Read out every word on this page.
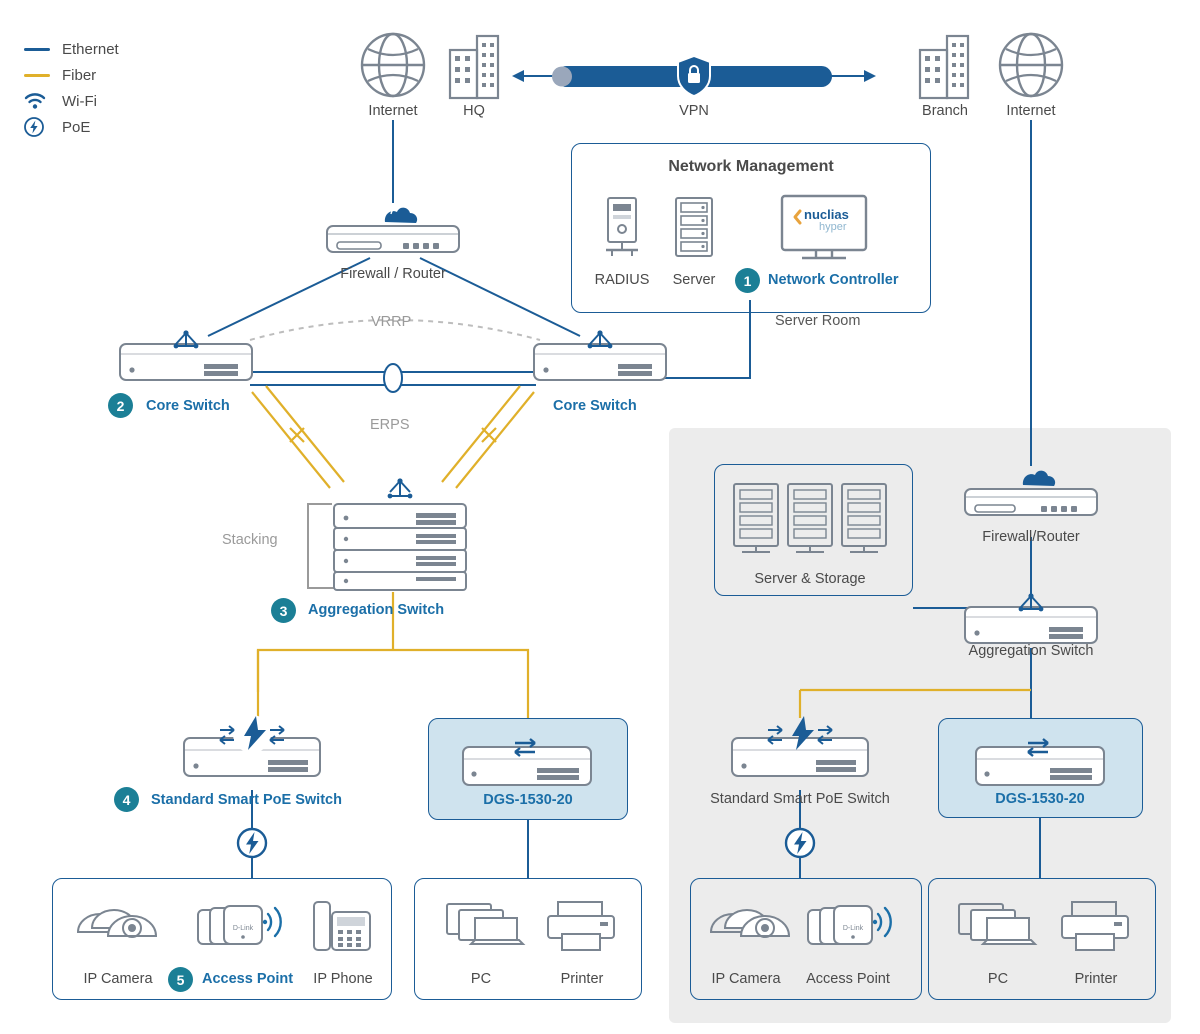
Ethernet
Fiber
Wi-Fi
PoE
Internet	HQ	VPN	Branch	Internet
Network Management
RADIUS Server
nuclias
hyper
1	Network Controller
Server Room
Firewall / Router
2	Core Switch	Core Switch
VRRP
ERPS
Stacking
3	Aggregation Switch
4	Standard Smart PoE Switch	DGS-1530-20
IP Camera
D-Link
5	Access Point IP Phone	PC	Printer
Firewall/Router
Server & Storage
Aggregation Switch
Standard Smart PoE Switch	DGS-1530-20
IP Camera
D-Link
Access Point	PC	Printer
